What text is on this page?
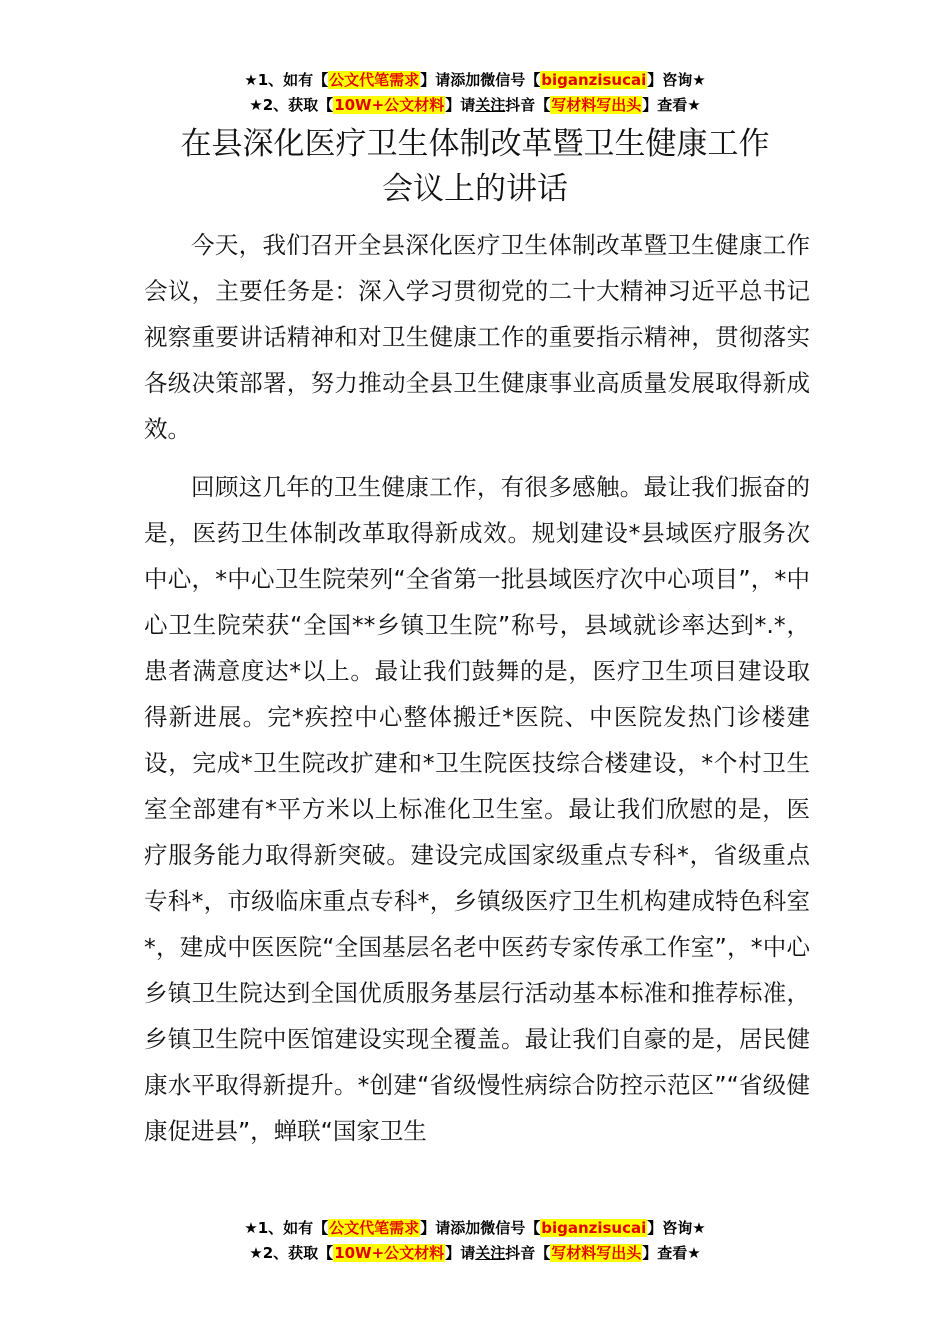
★1、如有【公文代笔需求】请添加微信号【biganzisucai】咨询★
★2、获取【10W+公文材料】请关注抖音【写材料写出头】查看★
在县深化医疗卫生体制改革暨卫生健康工作
会议上的讲话

今天，我们召开全县深化医疗卫生体制改革暨卫生健康工作会议，主要任务是：深入学习贯彻党的二十大精神习近平总书记视察重要讲话精神和对卫生健康工作的重要指示精神，贯彻落实各级决策部署，努力推动全县卫生健康事业高质量发展取得新成效。

回顾这几年的卫生健康工作，有很多感触。最让我们振奋的是，医药卫生体制改革取得新成效。规划建设*县域医疗服务次中心，*中心卫生院荣列“全省第一批县域医疗次中心项目”，*中心卫生院荣获“全国**乡镇卫生院”称号，县域就诊率达到*.*，患者满意度达*以上。最让我们鼓舞的是，医疗卫生项目建设取得新进展。完*疾控中心整体搬迁*医院、中医院发热门诊楼建设，完成*卫生院改扩建和*卫生院医技综合楼建设，*个村卫生室全部建有*平方米以上标准化卫生室。最让我们欣慰的是，医疗服务能力取得新突破。建设完成国家级重点专科*，省级重点专科*，市级临床重点专科*，乡镇级医疗卫生机构建成特色科室*，建成中医医院“全国基层名老中医药专家传承工作室”，*中心乡镇卫生院达到全国优质服务基层行活动基本标准和推荐标准，乡镇卫生院中医馆建设实现全覆盖。最让我们自豪的是，居民健康水平取得新提升。*创建“省级慢性病综合防控示范区”“省级健康促进县”，蝉联“国家卫生

★1、如有【公文代笔需求】请添加微信号【biganzisucai】咨询★
★2、获取【10W+公文材料】请关注抖音【写材料写出头】查看★
